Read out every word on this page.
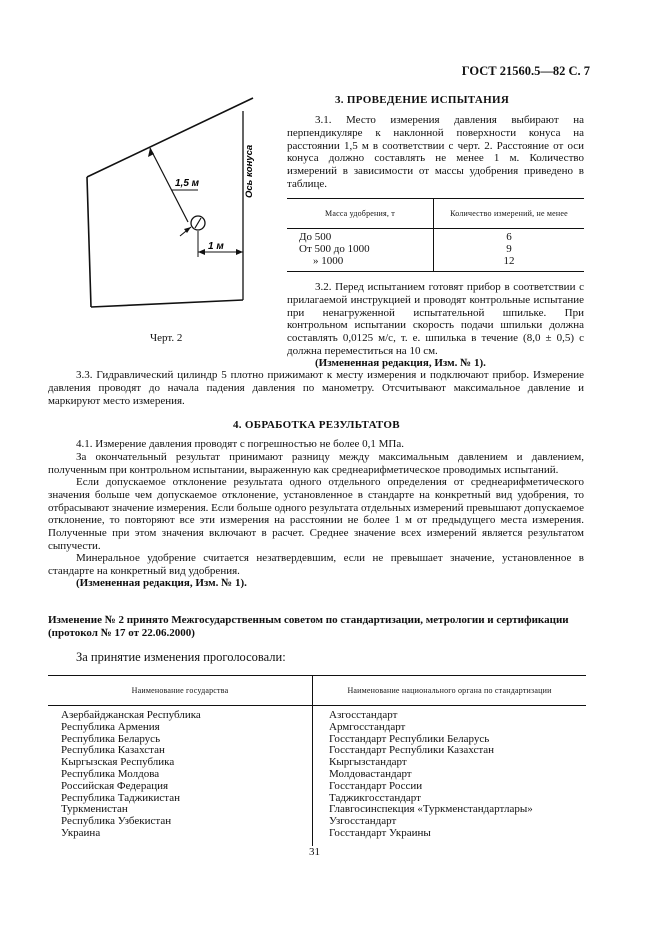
ГОСТ 21560.5—82 С. 7
1,5 м
1 м
Ось конуса
Черт. 2
3. ПРОВЕДЕНИЕ ИСПЫТАНИЯ

3.1. Место измерения давления выбирают на перпендикуляре к наклонной поверхности конуса на расстоянии 1,5 м в соответствии с черт. 2. Расстояние от оси конуса должно составлять не менее 1 м. Количество измерений в зависимости от массы удобрения приведено в таблице.

Масса удобрения, т	Количество измерений, не менее
До 500	6
От 500 до 1000	9
» 1000	12

3.2. Перед испытанием готовят прибор в соответствии с прилагаемой инструкцией и проводят контрольные испытание при ненагруженной испытательной шпильке. При контрольном испытании скорость подачи шпильки должна составлять 0,0125 м/с, т. е. шпилька в течение (8,0 ± 0,5) с должна переместиться на 10 см.

(Измененная редакция, Изм. № 1).

3.3. Гидравлический цилиндр 5 плотно прижимают к месту измерения и подключают прибор. Измерение давления проводят до начала падения давления по манометру. Отсчитывают максимальное давление и маркируют место измерения.

4. ОБРАБОТКА РЕЗУЛЬТАТОВ

4.1. Измерение давления проводят с погрешностью не более 0,1 МПа.

За окончательный результат принимают разницу между максимальным давлением и давлением, полученным при контрольном испытании, выраженную как среднеарифметическое проводимых испытаний.

Если допускаемое отклонение результата одного отдельного определения от среднеарифметического значения больше чем допускаемое отклонение, установленное в стандарте на конкретный вид удобрения, то отбрасывают значение измерения. Если больше одного результата отдельных измерений превышают допускаемое отклонение, то повторяют все эти измерения на расстоянии не более 1 м от предыдущего места измерения. Полученные при этом значения включают в расчет. Среднее значение всех измерений является результатом сыпучести.

Минеральное удобрение считается незатвердевшим, если не превышает значение, установленное в стандарте на конкретный вид удобрения.

(Измененная редакция, Изм. № 1).

Изменение № 2 принято Межгосударственным советом по стандартизации, метрологии и сертификации (протокол № 17 от 22.06.2000)

За принятие изменения проголосовали:

Наименование государства	Наименование национального органа по стандартизации
Азербайджанская Республика	Азгосстандарт
Республика Армения	Армгосстандарт
Республика Беларусь	Госстандарт Республики Беларусь
Республика Казахстан	Госстандарт Республики Казахстан
Кыргызская Республика	Кыргызстандарт
Республика Молдова	Молдовастандарт
Российская Федерация	Госстандарт России
Республика Таджикистан	Таджикгосстандарт
Туркменистан	Главгосинспекция «Туркменстандартлары»
Республика Узбекистан	Узгосстандарт
Украина	Госстандарт Украины
31
